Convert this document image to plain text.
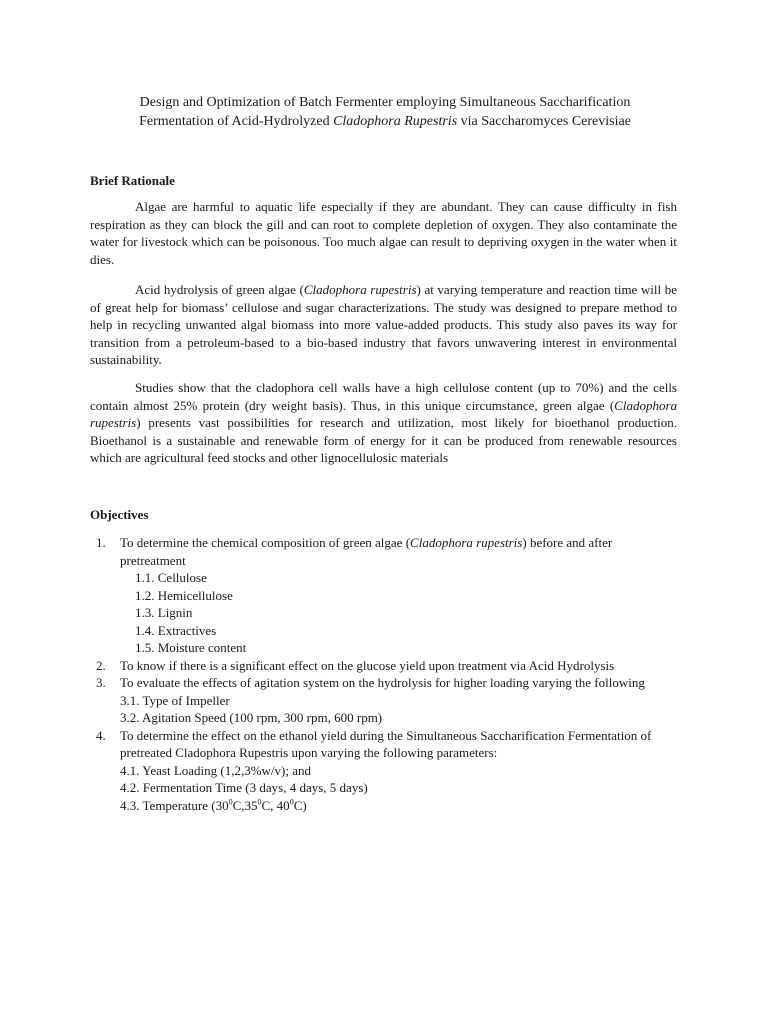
Design and Optimization of Batch Fermenter employing Simultaneous Saccharification
Fermentation of Acid-Hydrolyzed Cladophora Rupestris via Saccharomyces Cerevisiae
Brief Rationale

Algae are harmful to aquatic life especially if they are abundant. They can cause difficulty in fish respiration as they can block the gill and can root to complete depletion of oxygen. They also contaminate the water for livestock which can be poisonous. Too much algae can result to depriving oxygen in the water when it dies.

Acid hydrolysis of green algae (Cladophora rupestris) at varying temperature and reaction time will be of great help for biomass’ cellulose and sugar characterizations. The study was designed to prepare method to help in recycling unwanted algal biomass into more value-added products. This study also paves its way for transition from a petroleum-based to a bio-based industry that favors unwavering interest in environmental sustainability.

Studies show that the cladophora cell walls have a high cellulose content (up to 70%) and the cells contain almost 25% protein (dry weight basis). Thus, in this unique circumstance, green algae (Cladophora rupestris) presents vast possibilities for research and utilization, most likely for bioethanol production. Bioethanol is a sustainable and renewable form of energy for it can be produced from renewable resources which are agricultural feed stocks and other lignocellulosic materials

Objectives
1. To determine the chemical composition of green algae (Cladophora rupestris) before and after pretreatment
1.1. Cellulose
1.2. Hemicellulose
1.3. Lignin
1.4. Extractives
1.5. Moisture content
2. To know if there is a significant effect on the glucose yield upon treatment via Acid Hydrolysis
3. To evaluate the effects of agitation system on the hydrolysis for higher loading varying the following
3.1. Type of Impeller
3.2. Agitation Speed (100 rpm, 300 rpm, 600 rpm)
4. To determine the effect on the ethanol yield during the Simultaneous Saccharification Fermentation of pretreated Cladophora Rupestris upon varying the following parameters:
4.1. Yeast Loading (1,2,3%w/v); and
4.2. Fermentation Time (3 days, 4 days, 5 days)
4.3. Temperature ($30^0C,35^0C$, $40^0C$)
